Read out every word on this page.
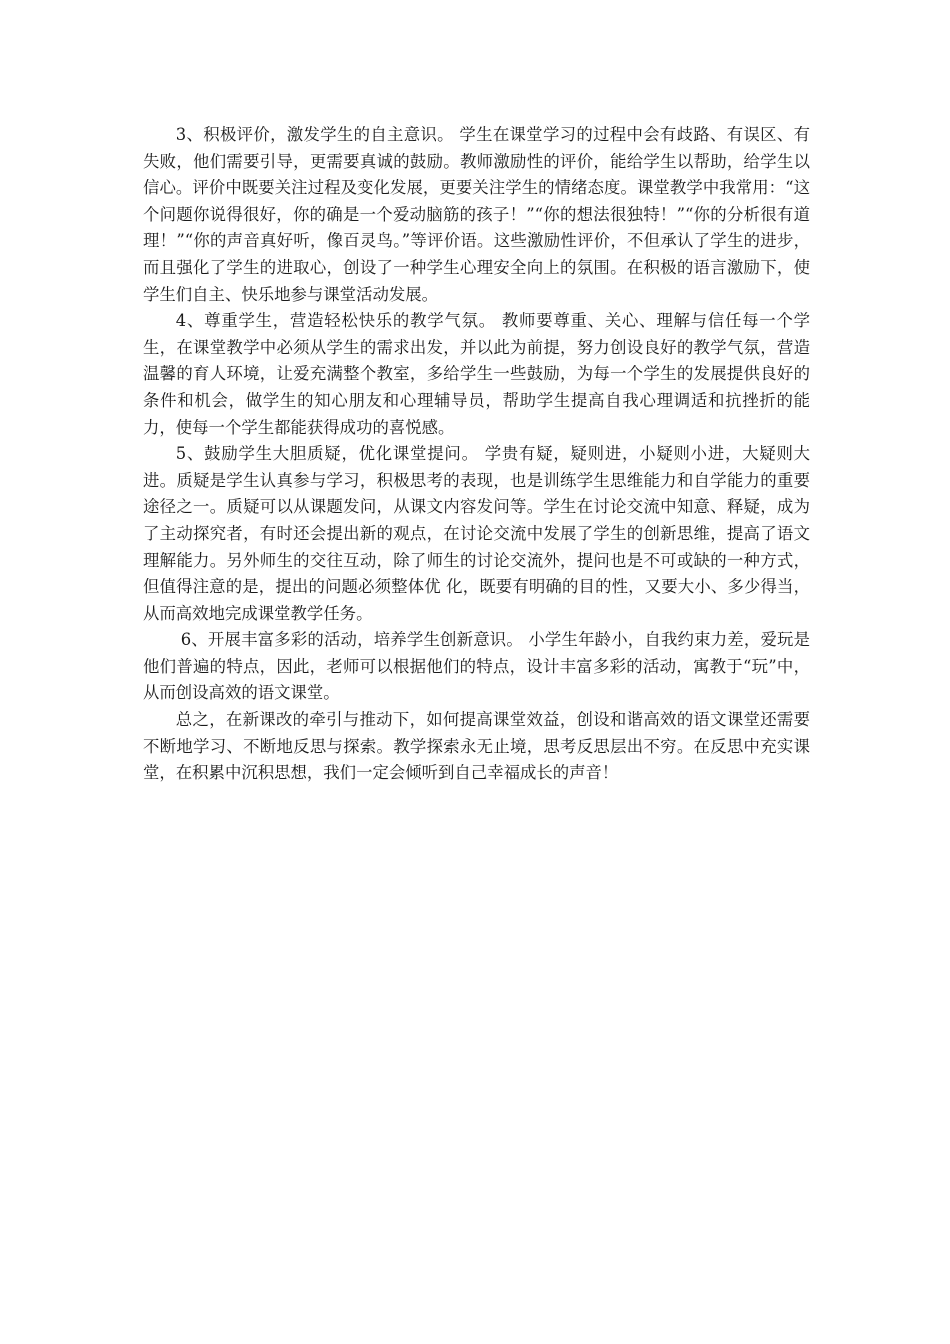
3、积极评价，激发学生的自主意识。 学生在课堂学习的过程中会有歧路、有误区、有失败，他们需要引导，更需要真诚的鼓励。教师激励性的评价，能给学生以帮助，给学生以信心。评价中既要关注过程及变化发展，更要关注学生的情绪态度。课堂教学中我常用：“这个问题你说得很好，你的确是一个爱动脑筋的孩子！”“你的想法很独特！”“你的分析很有道理！”“你的声音真好听，像百灵鸟。”等评价语。这些激励性评价，不但承认了学生的进步，而且强化了学生的进取心，创设了一种学生心理安全向上的氛围。在积极的语言激励下，使学生们自主、快乐地参与课堂活动发展。

4、尊重学生，营造轻松快乐的教学气氛。 教师要尊重、关心、理解与信任每一个学生，在课堂教学中必须从学生的需求出发，并以此为前提，努力创设良好的教学气氛，营造温馨的育人环境，让爱充满整个教室，多给学生一些鼓励，为每一个学生的发展提供良好的条件和机会，做学生的知心朋友和心理辅导员，帮助学生提高自我心理调适和抗挫折的能力，使每一个学生都能获得成功的喜悦感。

5、鼓励学生大胆质疑，优化课堂提问。 学贵有疑，疑则进，小疑则小进，大疑则大进。质疑是学生认真参与学习，积极思考的表现，也是训练学生思维能力和自学能力的重要途径之一。质疑可以从课题发问，从课文内容发问等。学生在讨论交流中知意、释疑，成为了主动探究者，有时还会提出新的观点，在讨论交流中发展了学生的创新思维，提高了语文理解能力。另外师生的交往互动，除了师生的讨论交流外，提问也是不可或缺的一种方式，但值得注意的是，提出的问题必须整体优 化，既要有明确的目的性，又要大小、多少得当，从而高效地完成课堂教学任务。

6、开展丰富多彩的活动，培养学生创新意识。 小学生年龄小，自我约束力差，爱玩是他们普遍的特点，因此，老师可以根据他们的特点，设计丰富多彩的活动，寓教于“玩”中，从而创设高效的语文课堂。

总之，在新课改的牵引与推动下，如何提高课堂效益，创设和谐高效的语文课堂还需要不断地学习、不断地反思与探索。教学探索永无止境，思考反思层出不穷。在反思中充实课堂，在积累中沉积思想，我们一定会倾听到自己幸福成长的声音！
